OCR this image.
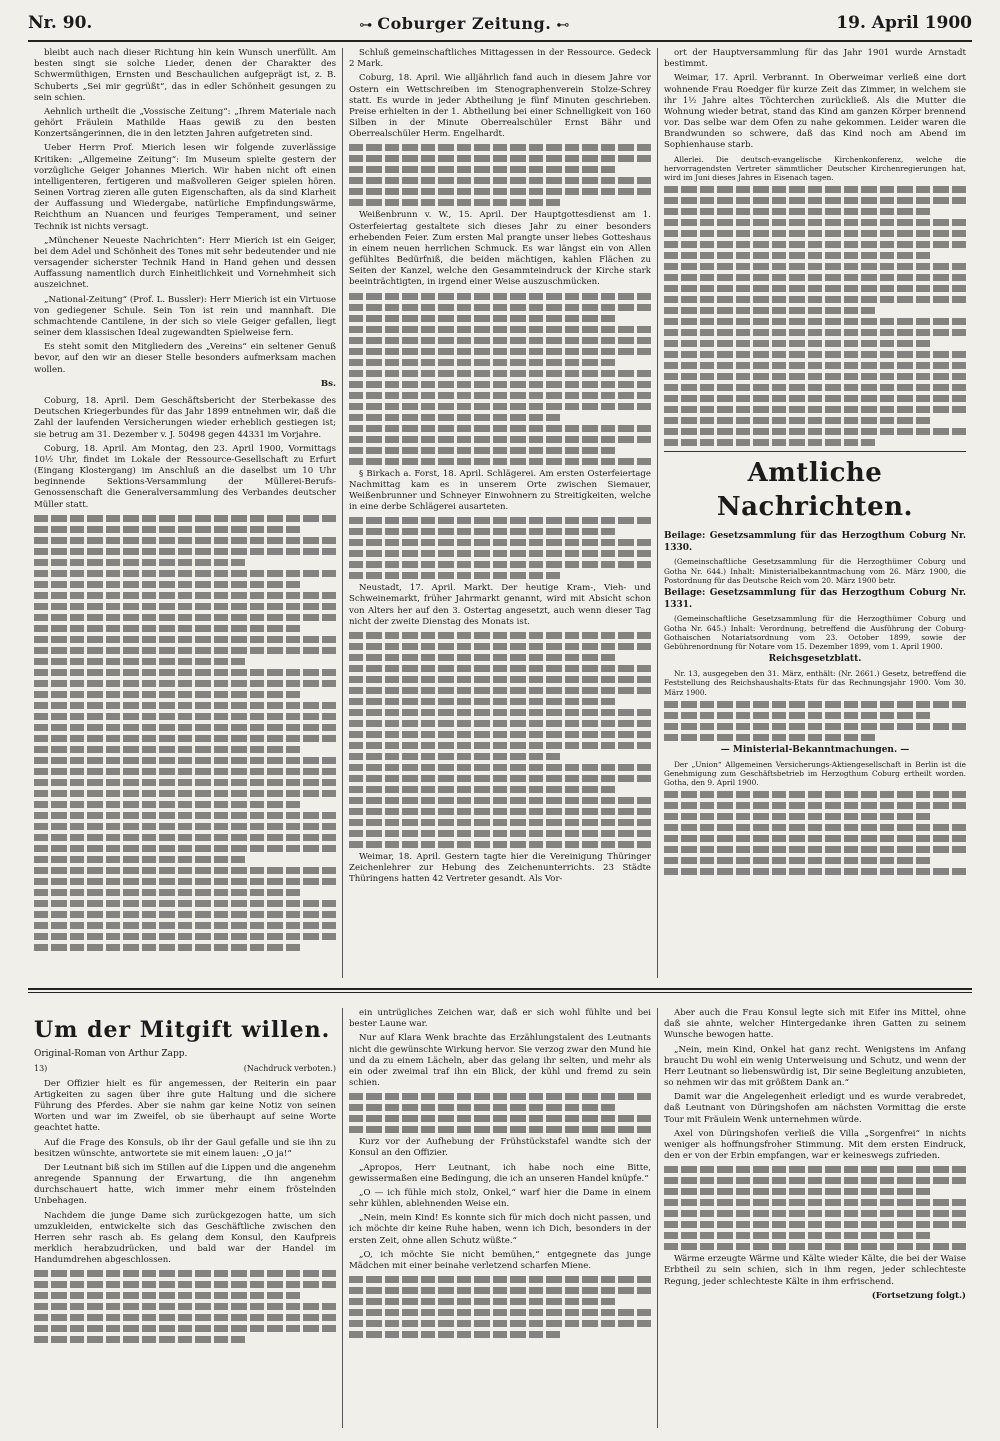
Nr. 90.	⊶ Coburger Zeitung. ⊷	19. April 1900

bleibt auch nach dieser Richtung hin kein Wunsch unerfüllt. Am besten singt sie solche Lieder, denen der Charakter des Schwermüthigen, Ernsten und Beschaulichen aufgeprägt ist, z. B. Schuberts „Sei mir gegrüßt“, das in edler Schönheit gesungen zu sein schien.

Aehnlich urtheilt die „Vossische Zeitung“: „Ihrem Materiale nach gehört Fräulein Mathilde Haas gewiß zu den besten Konzertsängerinnen, die in den letzten Jahren aufgetreten sind.

Ueber Herrn Prof. Mierich lesen wir folgende zuverlässige Kritiken: „Allgemeine Zeitung“: Im Museum spielte gestern der vorzügliche Geiger Johannes Mierich. Wir haben nicht oft einen intelligenteren, fertigeren und maßvolleren Geiger spielen hören. Seinen Vortrag zieren alle guten Eigenschaften, als da sind Klarheit der Auffassung und Wiedergabe, natürliche Empfindungswärme, Reichthum an Nuancen und feuriges Temperament, und seiner Technik ist nichts versagt.

„Münchener Neueste Nachrichten“: Herr Mierich ist ein Geiger, bei dem Adel und Schönheit des Tones mit sehr bedeutender und nie versagender sicherster Technik Hand in Hand gehen und dessen Auffassung namentlich durch Einheitlichkeit und Vornehmheit sich auszeichnet.

„National-Zeitung“ (Prof. L. Bussler): Herr Mierich ist ein Virtuose von gediegener Schule. Sein Ton ist rein und mannhaft. Die schmachtende Cantilene, in der sich so viele Geiger gefallen, liegt seiner dem klassischen Ideal zugewandten Spielweise fern.

Es steht somit den Mitgliedern des „Vereins“ ein seltener Genuß bevor, auf den wir an dieser Stelle besonders aufmerksam machen wollen.

Bs.

Coburg, 18. April. Dem Geschäftsbericht der Sterbekasse des Deutschen Kriegerbundes für das Jahr 1899 entnehmen wir, daß die Zahl der laufenden Versicherungen wieder erheblich gestiegen ist; sie betrug am 31. Dezember v. J. 50498 gegen 44331 im Vorjahre.

Coburg, 18. April. Am Montag, den 23. April 1900, Vormittags 10½ Uhr, findet im Lokale der Ressource-Gesellschaft zu Erfurt (Eingang Klostergang) im Anschluß an die daselbst um 10 Uhr beginnende Sektions-Versammlung der Müllerei-Berufs-Genossenschaft die Generalversammlung des Verbandes deutscher Müller statt.

Schluß gemeinschaftliches Mittagessen in der Ressource. Gedeck 2 Mark.

Coburg, 18. April. Wie alljährlich fand auch in diesem Jahre vor Ostern ein Wettschreiben im Stenographenverein Stolze-Schrey statt. Es wurde in jeder Abtheilung je fünf Minuten geschrieben. Preise erhielten in der 1. Abtheilung bei einer Schnelligkeit von 160 Silben in der Minute Oberrealschüler Ernst Bähr und Oberrealschüler Herm. Engelhardt.

Weißenbrunn v. W., 15. April. Der Hauptgottesdienst am 1. Osterfeiertag gestaltete sich dieses Jahr zu einer besonders erhebenden Feier. Zum ersten Mal prangte unser liebes Gotteshaus in einem neuen herrlichen Schmuck. Es war längst ein von Allen gefühltes Bedürfniß, die beiden mächtigen, kahlen Flächen zu Seiten der Kanzel, welche den Gesammteindruck der Kirche stark beeinträchtigten, in irgend einer Weise auszuschmücken.

§ Birkach a. Forst, 18. April. Schlägerei. Am ersten Osterfeiertage Nachmittag kam es in unserem Orte zwischen Siemauer, Weißenbrunner und Schneyer Einwohnern zu Streitigkeiten, welche in eine derbe Schlägerei ausarteten.

Neustadt, 17. April. Markt. Der heutige Kram-, Vieh- und Schweinemarkt, früher Jahrmarkt genannt, wird mit Absicht schon von Alters her auf den 3. Ostertag angesetzt, auch wenn dieser Tag nicht der zweite Dienstag des Monats ist.

Weimar, 18. April. Gestern tagte hier die Vereinigung Thüringer Zeichenlehrer zur Hebung des Zeichenunterrichts. 23 Städte Thüringens hatten 42 Vertreter gesandt. Als Vor-

ort der Hauptversammlung für das Jahr 1901 wurde Arnstadt bestimmt.

Weimar, 17. April. Verbrannt. In Oberweimar verließ eine dort wohnende Frau Roedger für kurze Zeit das Zimmer, in welchem sie ihr 1½ Jahre altes Töchterchen zurückließ. Als die Mutter die Wohnung wieder betrat, stand das Kind am ganzen Körper brennend vor. Das selbe war dem Ofen zu nahe gekommen. Leider waren die Brandwunden so schwere, daß das Kind noch am Abend im Sophienhause starb.

Allerlei. Die deutsch-evangelische Kirchenkonferenz, welche die hervorragendsten Vertreter sämmtlicher Deutscher Kirchenregierungen hat, wird im Juni dieses Jahres in Eisenach tagen.

Amtliche Nachrichten.

Beilage: Gesetzsammlung für das Herzogthum Coburg Nr. 1330.

(Gemeinschaftliche Gesetzsammlung für die Herzogthümer Coburg und Gotha Nr. 644.) Inhalt: Ministerialbekanntmachung vom 26. März 1900, die Postordnung für das Deutsche Reich vom 20. März 1900 betr.

Beilage: Gesetzsammlung für das Herzogthum Coburg Nr. 1331.

(Gemeinschaftliche Gesetzsammlung für die Herzogthümer Coburg und Gotha Nr. 645.) Inhalt: Verordnung, betreffend die Ausführung der Coburg-Gothaischen Notariatsordnung vom 23. October 1899, sowie der Gebührenordnung für Notare vom 15. Dezember 1899, vom 1. April 1900.

Reichsgesetzblatt.

Nr. 13, ausgegeben den 31. März, enthält: (Nr. 2661.) Gesetz, betreffend die Feststellung des Reichshaushalts-Etats für das Rechnungsjahr 1900. Vom 30. März 1900.

— Ministerial-Bekanntmachungen. —

Der „Union“ Allgemeinen Versicherungs-Aktiengesellschaft in Berlin ist die Genehmigung zum Geschäftsbetrieb im Herzogthum Coburg ertheilt worden. Gotha, den 9. April 1900.

Um der Mitgift willen.
Original-Roman von Arthur Zapp.
13)	(Nachdruck verboten.)

Der Offizier hielt es für angemessen, der Reiterin ein paar Artigkeiten zu sagen über ihre gute Haltung und die sichere Führung des Pferdes. Aber sie nahm gar keine Notiz von seinen Worten und war im Zweifel, ob sie überhaupt auf seine Worte geachtet hatte.

Auf die Frage des Konsuls, ob ihr der Gaul gefalle und sie ihn zu besitzen wünschte, antwortete sie mit einem lauen: „O ja!“

Der Leutnant biß sich im Stillen auf die Lippen und die angenehm anregende Spannung der Erwartung, die ihn angenehm durchschauert hatte, wich immer mehr einem fröstelnden Unbehagen.

Nachdem die junge Dame sich zurückgezogen hatte, um sich umzukleiden, entwickelte sich das Geschäftliche zwischen den Herren sehr rasch ab. Es gelang dem Konsul, den Kaufpreis merklich herabzudrücken, und bald war der Handel im Handumdrehen abgeschlossen.

ein untrügliches Zeichen war, daß er sich wohl fühlte und bei bester Laune war.

Nur auf Klara Wenk brachte das Erzählungstalent des Leutnants nicht die gewünschte Wirkung hervor. Sie verzog zwar den Mund hie und da zu einem Lächeln, aber das gelang ihr selten, und mehr als ein oder zweimal traf ihn ein Blick, der kühl und fremd zu sein schien.

Kurz vor der Aufhebung der Frühstückstafel wandte sich der Konsul an den Offizier.

„Apropos, Herr Leutnant, ich habe noch eine Bitte, gewissermaßen eine Bedingung, die ich an unseren Handel knüpfe.“

„O — ich fühle mich stolz, Onkel,“ warf hier die Dame in einem sehr kühlen, ablehnenden Weise ein.

„Nein, mein Kind! Es konnte sich für mich doch nicht passen, und ich möchte dir keine Ruhe haben, wenn ich Dich, besonders in der ersten Zeit, ohne allen Schutz wüßte.“

„O, ich möchte Sie nicht bemühen,“ entgegnete das junge Mädchen mit einer beinahe verletzend scharfen Miene.

Aber auch die Frau Konsul legte sich mit Eifer ins Mittel, ohne daß sie ahnte, welcher Hintergedanke ihren Gatten zu seinem Wunsche bewogen hatte.

„Nein, mein Kind, Onkel hat ganz recht. Wenigstens im Anfang braucht Du wohl ein wenig Unterweisung und Schutz, und wenn der Herr Leutnant so liebenswürdig ist, Dir seine Begleitung anzubieten, so nehmen wir das mit größtem Dank an.“

Damit war die Angelegenheit erledigt und es wurde verabredet, daß Leutnant von Düringshofen am nächsten Vormittag die erste Tour mit Fräulein Wenk unternehmen würde.

Axel von Düringshofen verließ die Villa „Sorgenfrei“ in nichts weniger als hoffnungsfroher Stimmung. Mit dem ersten Eindruck, den er von der Erbin empfangen, war er keineswegs zufrieden.

Wärme erzeugte Wärme und Kälte wieder Kälte, die bei der Waise Erbtheil zu sein schien, sich in ihm regen, jeder schlechteste Regung, jeder schlechteste Kälte in ihm erfrischend.

(Fortsetzung folgt.)
